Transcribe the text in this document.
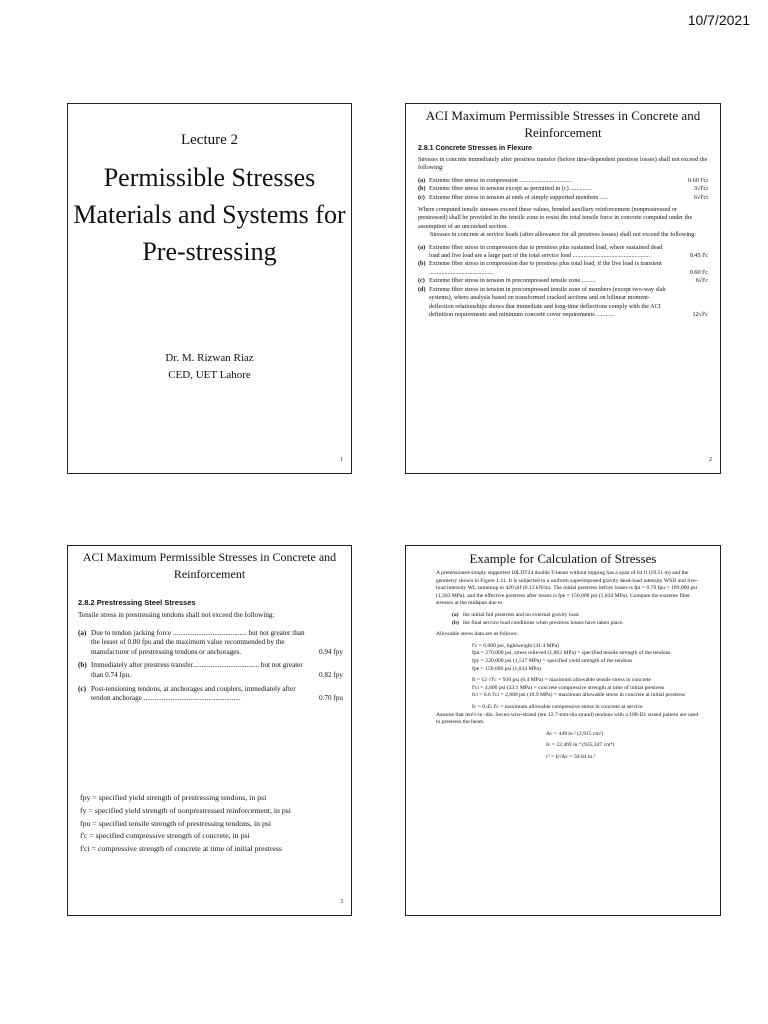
10/7/2021
Lecture 2
Permissible Stresses
Materials and Systems for
Pre-stressing
Dr. M. Rizwan Riaz
CED, UET Lahore
1
ACI Maximum Permissible Stresses in Concrete and
Reinforcement
2.8.1 Concrete Stresses in Flexure
Stresses in concrete immediately after prestress transfer (before time-dependent prestress losses) shall not exceed the following:
(a) Extreme fiber stress in compression ..................................	0.60 f'ci
(b) Extreme fiber stress in tension except as permitted in (c) ..............	3√f'ci
(c) Extreme fiber stress in tension at ends of simply supported members .....	6√f'ci
Where computed tensile stresses exceed these values, bonded auxiliary reinforcement (nonprestressed or prestressed) shall be provided in the tensile zone to resist the total tensile force in concrete computed under the assumption of an uncracked section.
Stresses in concrete at service loads (after allowance for all prestress losses) shall not exceed the following:
(a) Extreme fiber stress in compression due to prestress plus sustained load, where sustained dead load and live load are a large part of the total service load ..................................................	0.45 f'c
(b) Extreme fiber stress in compression due to prestress plus total load, if the live load is transient ..........................................	0.60 f'c
(c) Extreme fiber stress in tension in precompressed tensile zone..........	6√f'c
(d) Extreme fiber stress in tension in precompressed tensile zone of members (except two-way slab systems), where analysis based on transformed cracked sections and on bilinear moment-deflection relationships shows that immediate and long-time deflections comply with the ACI definition requirements and minimum concrete cover requirements ............	12√f'c
2
ACI Maximum Permissible Stresses in Concrete and
Reinforcement
2.8.2 Prestressing Steel Stresses
Tensile stress in prestressing tendons shall not exceed the following:
(a) Due to tendon jacking force ......................................... but not greater than the lesser of 0.80 fpu and the maximum value recommended by the manufacturer of prestressing tendons or anchorages.	0.94 fpy
(b) Immediately after prestress transfer..................................... but not greater than 0.74 fpu.	0.82 fpy
(c) Post-tensioning tendons, at anchorages and couplers, immediately after tendon anchorage ......................................................	0.70 fpu
fpy = specified yield strength of prestressing tendons, in psi
fy = specified yield strength of nonprestressed reinforcement, in psi
fpu = specified tensile strength of prestressing tendons, in psi
f'c = specified compressive strength of concrete, in psi
f'ci = compressive strength of concrete at time of initial prestress
3
Example for Calculation of Stresses
A pretensioned simply supported 10LDT24 double T-beam without topping has a span of 64 ft (19.51 m) and the geometry shown in Figure 1.11. It is subjected to a uniform superimposed gravity dead-load intensity WSD and live-load intensity WL summing to 420 plf (6.13 kN/m). The initial prestress before losses is fpi = 0.70 fpu = 189,000 psi (1,303 MPa), and the effective prestress after losses is fpe = 150,000 psi (1,034 MPa). Compute the extreme fiber stresses at the midspan due to
(a) the initial full prestress and no external gravity load
(b) the final service load conditions when prestress losses have taken place.
Allowable stress data are as follows:
f'c = 6,000 psi, lightweight (41.4 MPa)
fpu = 270,000 psi, stress relieved (1,862 MPa) = specified tensile strength of the tendons
fpy = 220,000 psi (1,517 MPa) = specified yield strength of the tendons
fpe = 150,000 psi (1,034 MPa)
ft = 12 √f'c = 930 psi (6.4 MPa) = maximum allowable tensile stress in concrete
f'ci = 4,800 psi (33.1 MPa) = concrete compressive strength at time of initial prestress
fci = 0.6 f'ci = 2,880 psi (19.9 MPa) = maximum allowable stress in concrete at initial prestress
fc = 0.45 f'c = maximum allowable compressive stress in concrete at service
Assume that ten½-in.-dia. Seven-wire-strand (ten 12.7-mm-dia strand) tendons with a 108-D1 strand pattern are used to prestress the beam.
Ac = 449 in.² (2,915 cm²)
Ic = 22,469 in.⁴ (935,347 cm⁴)
r² = Ic/Ac = 50.04 in.²
